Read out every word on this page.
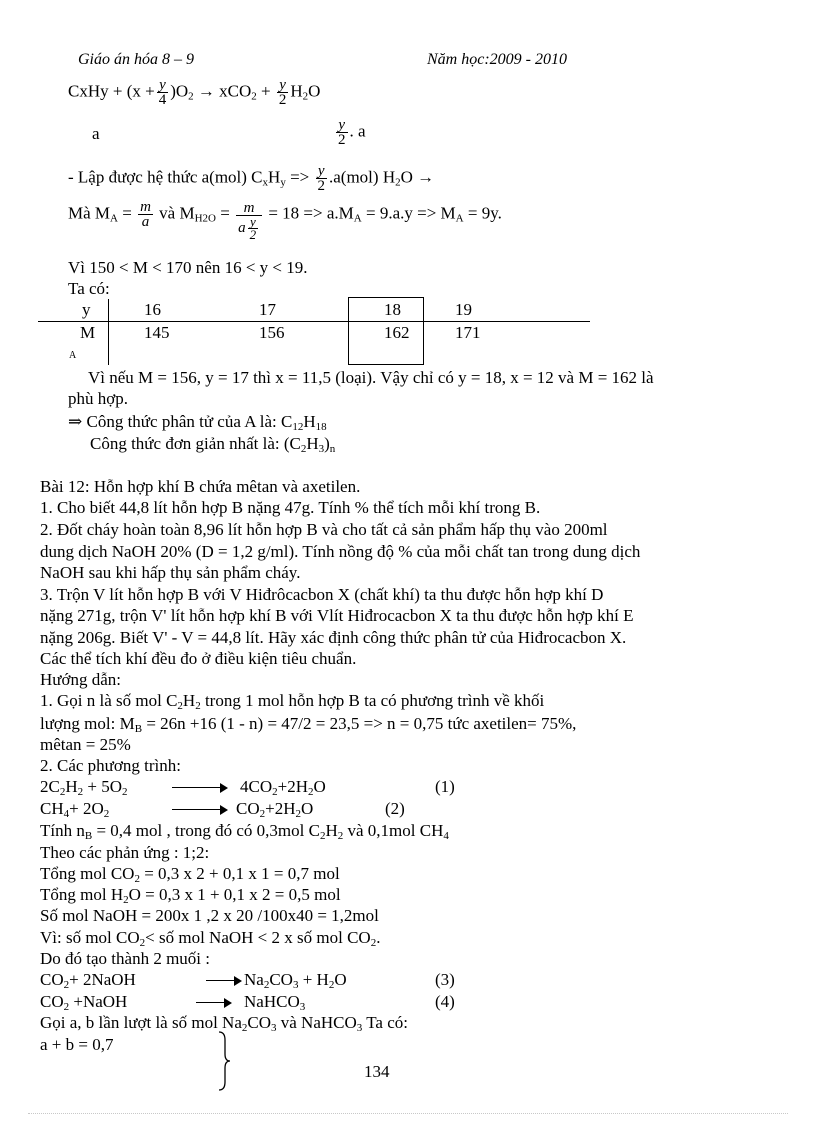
Giáo án hóa 8 – 9	Năm học:2009 - 2010
CxHy + $(x + \frac{y}{4} )O_2 \to xCO_2 + \frac{y}{2} H_2O$
a	$\frac{y}{2}$ . a
- Lập được hệ thức a(mol) $C_xH_y => \frac{y}{2} .a(mol) H_2O$ →
Mà $M_A = \frac{m}{a}$ và $M_{H2O} = \frac{m}{a \frac{y}{2}} = 18 => a.M_A = 9.a.y => M_A = 9y$.
Vì 150 < M < 170 nên 16 < y < 19.
Ta có:
y	16	17	18	19
M	145	156	162	171
A
Vì nếu M = 156, y = 17 thì x = 11,5 (loại). Vậy chỉ có y = 18, x = 12 và M = 162 là
phù hợp.
⇒ Công thức phân tử của A là: $C_{12}H_{18}$
Công thức đơn giản nhất là: $(C_2H_3)_n$
Bài 12: Hỗn hợp khí B chứa mêtan và axetilen.
1. Cho biết 44,8 lít hỗn hợp B nặng 47g. Tính % thể tích mỗi khí trong B.
2. Đốt cháy hoàn toàn 8,96 lít hỗn hợp B và cho tất cả sản phẩm hấp thụ vào 200ml
dung dịch NaOH 20% (D = 1,2 g/ml). Tính nồng độ % của mỗi chất tan trong dung dịch
NaOH sau khi hấp thụ sản phẩm cháy.
3. Trộn V lít hỗn hợp B với V Hiđrôcacbon X (chất khí) ta thu được hỗn hợp khí D
nặng 271g, trộn V' lít hỗn hợp khí B với Vlít Hiđrocacbon X ta thu được hỗn hợp khí E
nặng 206g. Biết V' - V = 44,8 lít. Hãy xác định công thức phân tử của Hiđrocacbon X.
Các thể tích khí đều đo ở điều kiện tiêu chuẩn.
Hướng dẫn:
1. Gọi n là số mol $C_2H_2$ trong 1 mol hỗn hợp B ta có phương trình về khối
lượng mol: $M_B = 26n +16$ (1 - n) = 47/2 = 23,5 => n = 0,75 tức axetilen= 75%,
mêtan = 25%
2. Các phương trình:
$2C_2H_2 + 5O_2$	$4CO_2+2H_2O$	(1)
$CH_4+ 2O_2$	$CO_2+2H_2O$	(2)
Tính $n_B = 0,4$ mol , trong đó có 0,3mol $C_2H_2$ và 0,1mol $CH_4$
Theo các phản ứng : 1;2:
Tổng mol $CO_2 = 0,3$ x 2 + 0,1 x 1 = 0,7 mol
Tổng mol $H_2O = 0,3$ x 1 + 0,1 x 2 = 0,5 mol
Số mol NaOH = 200x 1 ,2 x 20 /100x40 = 1,2mol
Vì: số mol $CO_2<$ số mol NaOH < 2 x số mol $CO_2$.
Do đó tạo thành 2 muối :
$CO_2+$ 2NaOH	$Na_2CO_3 + H_2O$	(3)
$CO_2$ +NaOH	NaHCO$_3$	(4)
Gọi a, b lần lượt là số mol $Na_2CO_3$ và NaHCO$_3$ Ta có:
a + b = 0,7
134
